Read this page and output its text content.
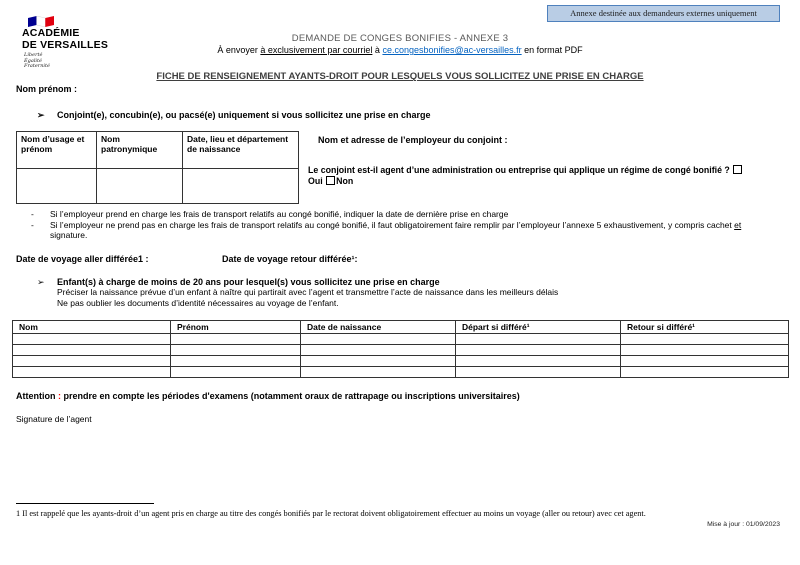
Annexe destinée aux demandeurs externes uniquement
ACADÉMIE
DE VERSAILLES
Liberté
Égalité
Fraternité
DEMANDE DE CONGES BONIFIES - ANNEXE 3
À envoyer à exclusivement par courriel à ce.congesbonifies@ac-versailles.fr en format PDF
FICHE DE RENSEIGNEMENT AYANTS-DROIT POUR LESQUELS VOUS SOLLICITEZ UNE PRISE EN CHARGE
Nom prénom :
➢	Conjoint(e), concubin(e), ou pacsé(e) uniquement si vous sollicitez une prise en charge
Nom d’usage et prénom	Nom patronymique	Date, lieu et département de naissance

Nom et adresse de l’employeur du conjoint :
Le conjoint est-il agent d’une administration ou entreprise qui applique un régime de congé bonifié ?
Oui Non
-	Si l’employeur prend en charge les frais de transport relatifs au congé bonifié, indiquer la date de dernière prise en charge
-	Si l’employeur ne prend pas en charge les frais de transport relatifs au congé bonifié, il faut obligatoirement faire remplir par l’employeur l’annexe 5 exhaustivement, y compris cachet et signature.
Date de voyage aller différée1 :	Date de voyage retour différée¹:
➢	Enfant(s) à charge de moins de 20 ans pour lesquel(s) vous sollicitez une prise en charge
Préciser la naissance prévue d’un enfant à naître qui partirait avec l’agent et transmettre l’acte de naissance dans les meilleurs délais
Ne pas oublier les documents d’identité nécessaires au voyage de l’enfant.
Nom	Prénom	Date de naissance	Départ si différé¹	Retour si différé¹

Attention : prendre en compte les périodes d'examens (notamment oraux de rattrapage ou inscriptions universitaires)
Signature de l’agent
1 Il est rappelé que les ayants-droit d’un agent pris en charge au titre des congés bonifiés par le rectorat doivent obligatoirement effectuer au moins un voyage (aller ou retour) avec cet agent.
Mise à jour : 01/09/2023
